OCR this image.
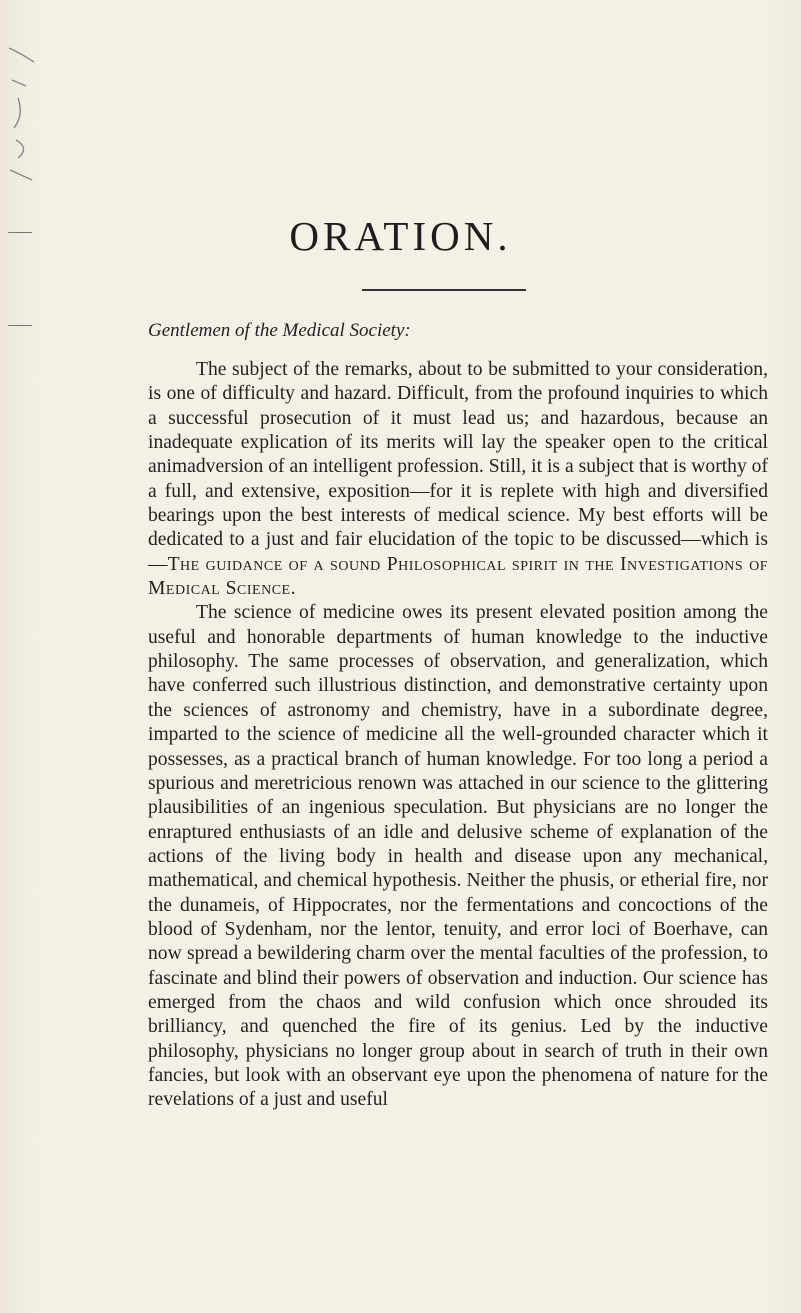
ORATION.

Gentlemen of the Medical Society:

The subject of the remarks, about to be submitted to your consideration, is one of difficulty and hazard. Difficult, from the profound inquiries to which a successful prosecution of it must lead us; and hazardous, because an inadequate explication of its merits will lay the speaker open to the critical animadversion of an intelligent profession. Still, it is a subject that is worthy of a full, and extensive, exposition—for it is replete with high and diversified bearings upon the best interests of medical science. My best efforts will be dedicated to a just and fair elucidation of the topic to be discussed—which is—The guidance of a sound Philosophical spirit in the Investigations of Medical Science.

The science of medicine owes its present elevated position among the useful and honorable departments of human knowledge to the inductive philosophy. The same processes of observation, and generalization, which have conferred such illustrious distinction, and demonstrative certainty upon the sciences of astronomy and chemistry, have in a subordinate degree, imparted to the science of medicine all the well-grounded character which it possesses, as a practical branch of human knowledge. For too long a period a spurious and meretricious renown was attached in our science to the glittering plausibilities of an ingenious speculation. But physicians are no longer the enraptured enthusiasts of an idle and delusive scheme of explanation of the actions of the living body in health and disease upon any mechanical, mathematical, and chemical hypothesis. Neither the phusis, or etherial fire, nor the dunameis, of Hippocrates, nor the fermentations and concoctions of the blood of Sydenham, nor the lentor, tenuity, and error loci of Boerhave, can now spread a bewildering charm over the mental faculties of the profession, to fascinate and blind their powers of observation and induction. Our science has emerged from the chaos and wild confusion which once shrouded its brilliancy, and quenched the fire of its genius. Led by the inductive philosophy, physicians no longer group about in search of truth in their own fancies, but look with an observant eye upon the phenomena of nature for the revelations of a just and useful
